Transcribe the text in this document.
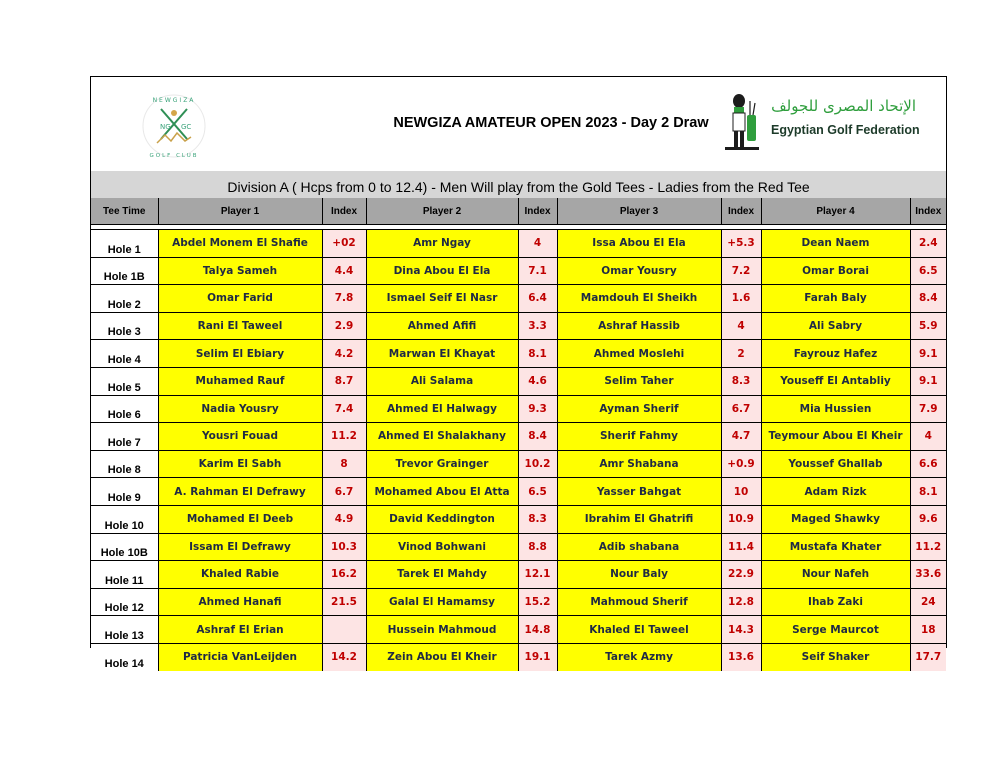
NEWGIZA
GOLF CLUB
NG GC	NEWGIZA AMATEUR OPEN 2023 - Day 2 Draw
الإتحاد المصرى للجولف
Egyptian Golf Federation
Division A ( Hcps from 0 to 12.4) - Men Will play from the Gold Tees - Ladies from the Red Tee
Tee Time	Player 1	Index	Player 2	Index	Player 3	Index	Player 4	Index

Hole 1	Abdel Monem El Shafie	+02	Amr Ngay	4	Issa Abou El Ela	+5.3	Dean Naem	2.4
Hole 1B	Talya Sameh	4.4	Dina Abou El Ela	7.1	Omar Yousry	7.2	Omar Borai	6.5
Hole 2	Omar Farid	7.8	Ismael Seif El Nasr	6.4	Mamdouh El Sheikh	1.6	Farah Baly	8.4
Hole 3	Rani El Taweel	2.9	Ahmed Afifi	3.3	Ashraf Hassib	4	Ali Sabry	5.9
Hole 4	Selim El Ebiary	4.2	Marwan El Khayat	8.1	Ahmed Moslehi	2	Fayrouz Hafez	9.1
Hole 5	Muhamed Rauf	8.7	Ali Salama	4.6	Selim Taher	8.3	Youseff El Antabliy	9.1
Hole 6	Nadia Yousry	7.4	Ahmed El Halwagy	9.3	Ayman Sherif	6.7	Mia Hussien	7.9
Hole 7	Yousri Fouad	11.2	Ahmed El Shalakhany	8.4	Sherif Fahmy	4.7	Teymour Abou El Kheir	4
Hole 8	Karim El Sabh	8	Trevor Grainger	10.2	Amr Shabana	+0.9	Youssef Ghallab	6.6
Hole 9	A. Rahman El Defrawy	6.7	Mohamed Abou El Atta	6.5	Yasser Bahgat	10	Adam Rizk	8.1
Hole 10	Mohamed El Deeb	4.9	David Keddington	8.3	Ibrahim El Ghatrifi	10.9	Maged Shawky	9.6
Hole 10B	Issam El Defrawy	10.3	Vinod Bohwani	8.8	Adib shabana	11.4	Mustafa Khater	11.2
Hole 11	Khaled Rabie	16.2	Tarek El Mahdy	12.1	Nour Baly	22.9	Nour Nafeh	33.6
Hole 12	Ahmed Hanafi	21.5	Galal El Hamamsy	15.2	Mahmoud Sherif	12.8	Ihab Zaki	24
Hole 13	Ashraf El Erian		Hussein Mahmoud	14.8	Khaled El Taweel	14.3	Serge Maurcot	18
Hole 14	Patricia VanLeijden	14.2	Zein Abou El Kheir	19.1	Tarek Azmy	13.6	Seif Shaker	17.7
